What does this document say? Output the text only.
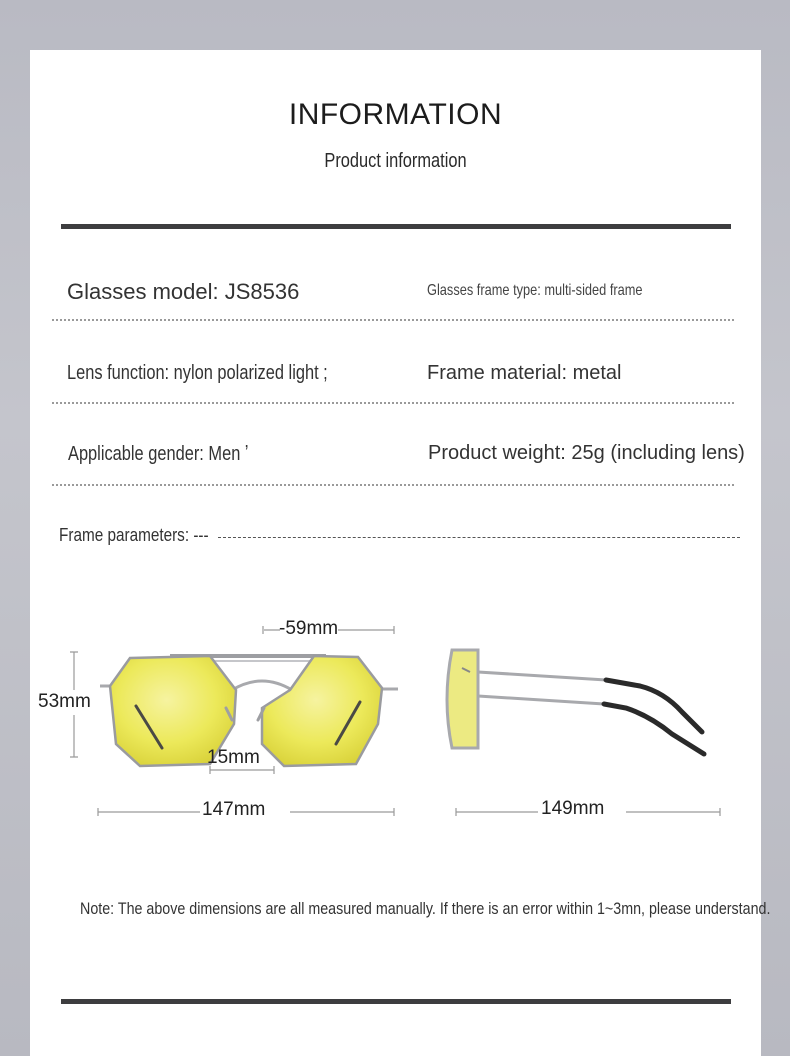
INFORMATION
Product information
Glasses model: JS8536	Glasses frame type: multi-sided frame
Lens function: nylon polarized light ;	Frame material: metal
Applicable gender: Men ʼ	Product weight: 25g (including lens)
Frame parameters: ---
Note: The above dimensions are all measured manually. If there is an error within 1~3mn, please understand.
-59mm
53mm
15mm
147mm	149mm
